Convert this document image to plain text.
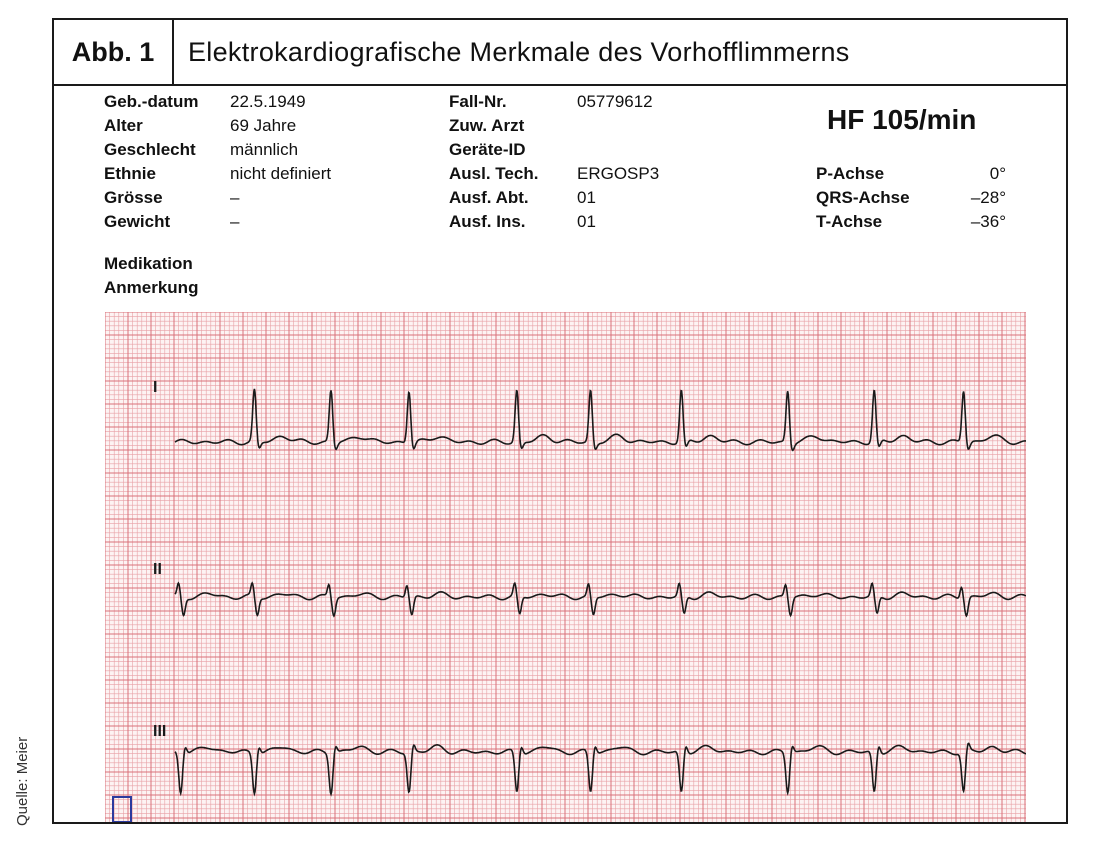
Quelle: Meier
Abb. 1	Elektrokardiografische Merkmale des Vorhofflimmerns
Geb.-datum	22.5.1949
Alter	69 Jahre
Geschlecht	männlich
Ethnie	nicht definiert
Grösse	–
Gewicht	–
Fall-Nr.	05779612
Zuw. Arzt
Geräte-ID
Ausl. Tech.	ERGOSP3
Ausf. Abt.	01
Ausf. Ins.	01
HF 105/min
P-Achse	0°
QRS-Achse	–28°
T-Achse	–36°
Medikation
Anmerkung
I
II
III
